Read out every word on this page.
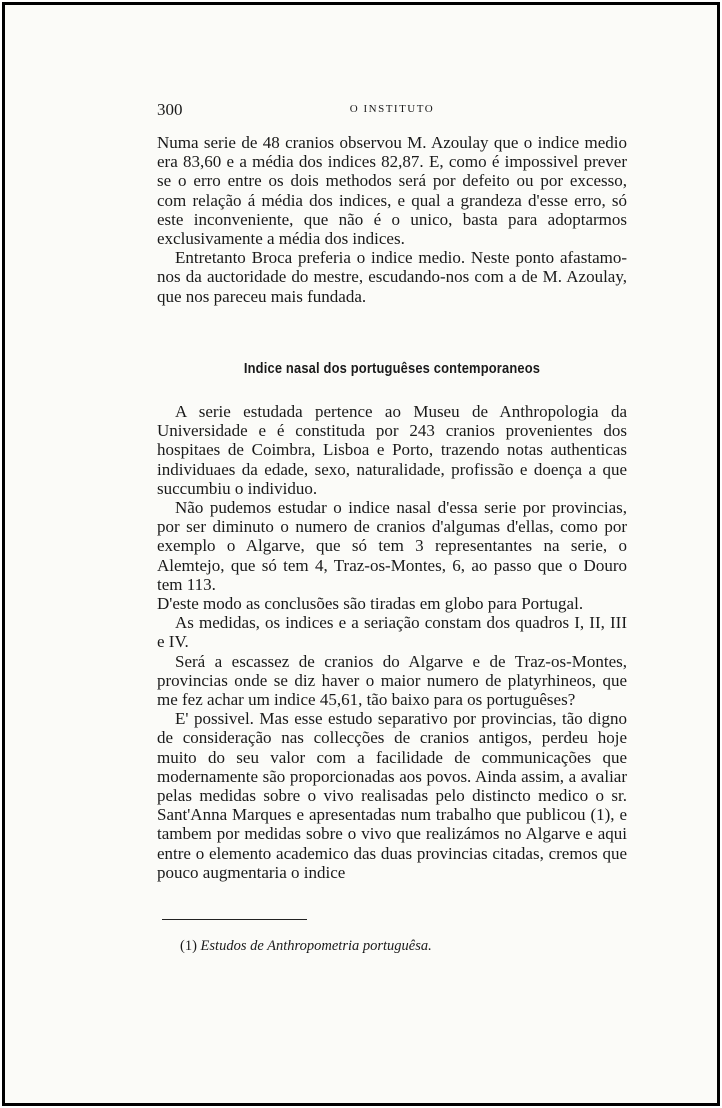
300	O INSTITUTO

Numa serie de 48 cranios observou M. Azoulay que o indice medio era 83,60 e a média dos indices 82,87. E, como é impossivel prever se o erro entre os dois methodos será por defeito ou por excesso, com relação á média dos indices, e qual a grandeza d'esse erro, só este inconveniente, que não é o unico, basta para adoptarmos exclusivamente a média dos indices.

Entretanto Broca preferia o indice medio. Neste ponto afastamo-nos da auctoridade do mestre, escudando-nos com a de M. Azoulay, que nos pareceu mais fundada.

Indice nasal dos portuguêses contemporaneos

A serie estudada pertence ao Museu de Anthropologia da Universidade e é constituda por 243 cranios provenientes dos hospitaes de Coimbra, Lisboa e Porto, trazendo notas authenticas individuaes da edade, sexo, naturalidade, profissão e doença a que succumbiu o individuo.

Não pudemos estudar o indice nasal d'essa serie por provincias, por ser diminuto o numero de cranios d'algumas d'ellas, como por exemplo o Algarve, que só tem 3 representantes na serie, o Alemtejo, que só tem 4, Traz-os-Montes, 6, ao passo que o Douro tem 113.

D'este modo as conclusões são tiradas em globo para Portugal.

As medidas, os indices e a seriação constam dos quadros I, II, III e IV.

Será a escassez de cranios do Algarve e de Traz-os-Montes, provincias onde se diz haver o maior numero de platyrhineos, que me fez achar um indice 45,61, tão baixo para os portuguêses?

E' possivel. Mas esse estudo separativo por provincias, tão digno de consideração nas collecções de cranios antigos, perdeu hoje muito do seu valor com a facilidade de communicações que modernamente são proporcionadas aos povos. Ainda assim, a avaliar pelas medidas sobre o vivo realisadas pelo distincto medico o sr. Sant'Anna Marques e apresentadas num trabalho que publicou (1), e tambem por medidas sobre o vivo que realizámos no Algarve e aqui entre o elemento academico das duas provincias citadas, cremos que pouco augmentaria o indice

(1) Estudos de Anthropometria portuguêsa.
